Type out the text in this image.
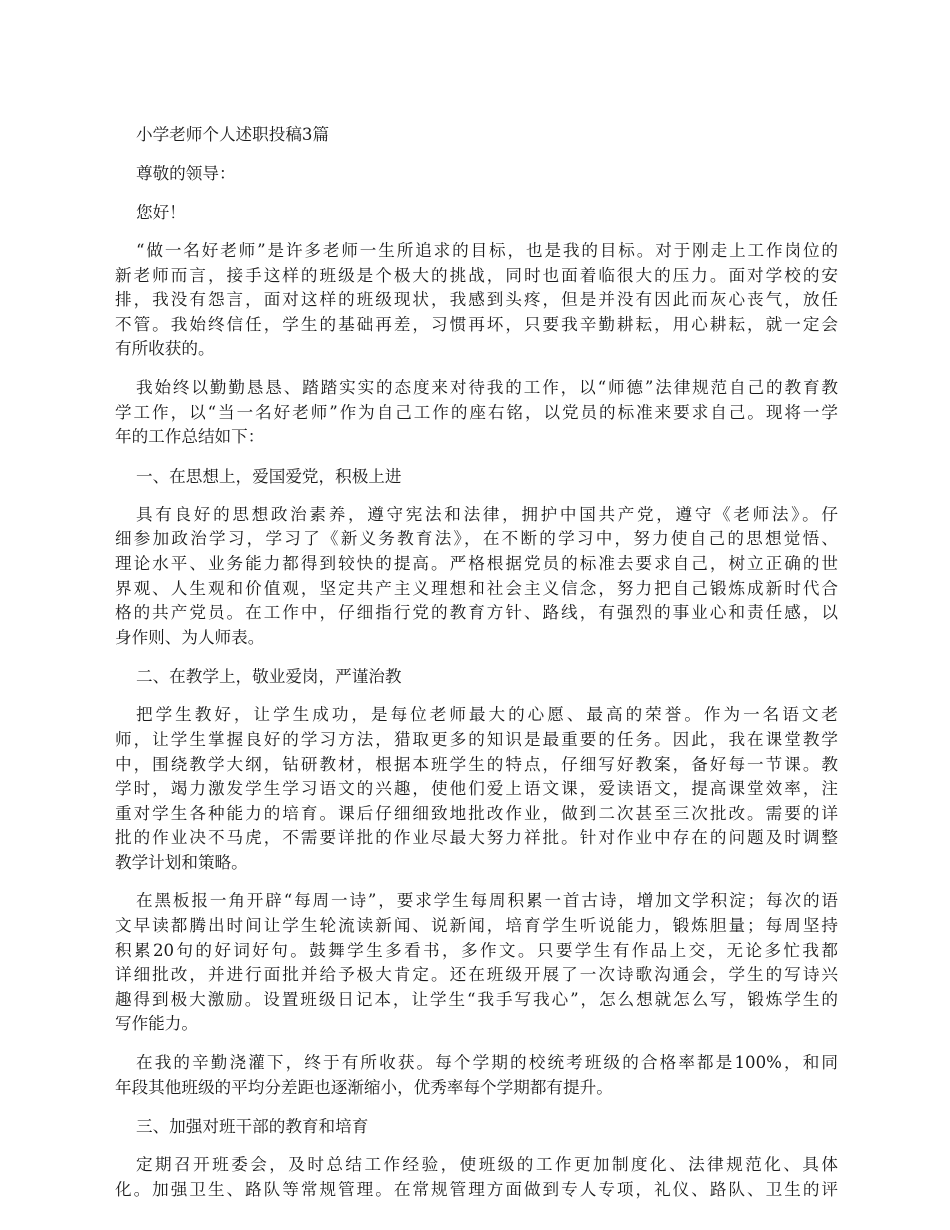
小学老师个人述职投稿3篇
尊敬的领导：
您好！
“做一名好老师”是许多老师一生所追求的目标，也是我的目标。对于刚走上工作岗位的
新老师而言，接手这样的班级是个极大的挑战，同时也面着临很大的压力。面对学校的安
排，我没有怨言，面对这样的班级现状，我感到头疼，但是并没有因此而灰心丧气，放任
不管。我始终信任，学生的基础再差，习惯再坏，只要我辛勤耕耘，用心耕耘，就一定会
有所收获的。
我始终以勤勤恳恳、踏踏实实的态度来对待我的工作，以“师德”法律规范自己的教育教
学工作，以“当一名好老师”作为自己工作的座右铭，以党员的标准来要求自己。现将一学
年的工作总结如下：
一、在思想上，爱国爱党，积极上进
具有良好的思想政治素养，遵守宪法和法律，拥护中国共产党，遵守《老师法》。仔
细参加政治学习，学习了《新义务教育法》，在不断的学习中，努力使自己的思想觉悟、
理论水平、业务能力都得到较快的提高。严格根据党员的标准去要求自己，树立正确的世
界观、人生观和价值观，坚定共产主义理想和社会主义信念，努力把自己锻炼成新时代合
格的共产党员。在工作中，仔细指行党的教育方针、路线，有强烈的事业心和责任感，以
身作则、为人师表。
二、在教学上，敬业爱岗，严谨治教
把学生教好，让学生成功，是每位老师最大的心愿、最高的荣誉。作为一名语文老
师，让学生掌握良好的学习方法，猎取更多的知识是最重要的任务。因此，我在课堂教学
中，围绕教学大纲，钻研教材，根据本班学生的特点，仔细写好教案，备好每一节课。教
学时，竭力激发学生学习语文的兴趣，使他们爱上语文课，爱读语文，提高课堂效率，注
重对学生各种能力的培育。课后仔细细致地批改作业，做到二次甚至三次批改。需要的详
批的作业决不马虎，不需要详批的作业尽最大努力祥批。针对作业中存在的问题及时调整
教学计划和策略。
在黑板报一角开辟“每周一诗”，要求学生每周积累一首古诗，增加文学积淀；每次的语
文早读都腾出时间让学生轮流读新闻、说新闻，培育学生听说能力，锻炼胆量；每周坚持
积累20句的好词好句。鼓舞学生多看书，多作文。只要学生有作品上交，无论多忙我都
详细批改，并进行面批并给予极大肯定。还在班级开展了一次诗歌沟通会，学生的写诗兴
趣得到极大激励。设置班级日记本，让学生“我手写我心”，怎么想就怎么写，锻炼学生的
写作能力。
在我的辛勤浇灌下，终于有所收获。每个学期的校统考班级的合格率都是100%，和同
年段其他班级的平均分差距也逐渐缩小，优秀率每个学期都有提升。
三、加强对班干部的教育和培育
定期召开班委会，及时总结工作经验，使班级的工作更加制度化、法律规范化、具体
化。加强卫生、路队等常规管理。在常规管理方面做到专人专项，礼仪、路队、卫生的评
